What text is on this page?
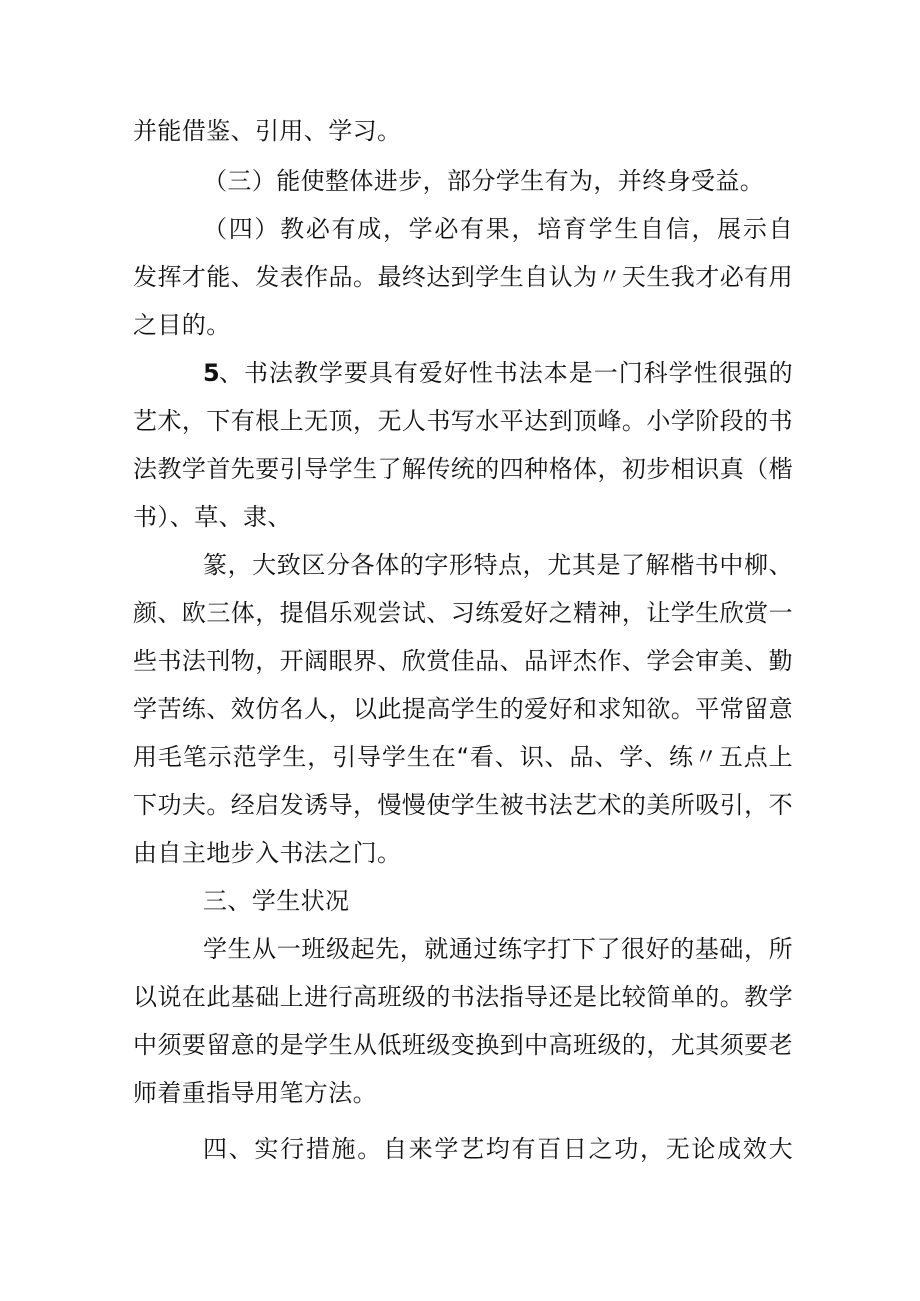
并能借鉴、引用、学习。

（三）能使整体进步，部分学生有为，并终身受益。

（四）教必有成，学必有果，培育学生自信，展示自

发挥才能、发表作品。最终达到学生自认为〃天生我才必有用

之目的。

5

、书法教学要具有爱好性书法本是一门科学性很强的

艺术，下有根上无顶，无人书写水平达到顶峰。小学阶段的书

法教学首先要引导学生了解传统的四种格体，初步相识真（楷

书）、草、隶、

篆，大致区分各体的字形特点，尤其是了解楷书中柳、

颜、欧三体，提倡乐观尝试、习练爱好之精神，让学生欣赏一

些书法刊物，开阔眼界、欣赏佳品、品评杰作、学会审美、勤

学苦练、效仿名人，以此提高学生的爱好和求知欲。平常留意

用毛笔示范学生，引导学生在“看、识、品、学、练〃五点上

下功夫。经启发诱导，慢慢使学生被书法艺术的美所吸引，不

由自主地步入书法之门。

三、学生状况

学生从一班级起先，就通过练字打下了很好的基础，所

以说在此基础上进行高班级的书法指导还是比较简单的。教学

中须要留意的是学生从低班级变换到中高班级的，尤其须要老

师着重指导用笔方法。

四、实行措施。自来学艺均有百日之功，无论成效大
